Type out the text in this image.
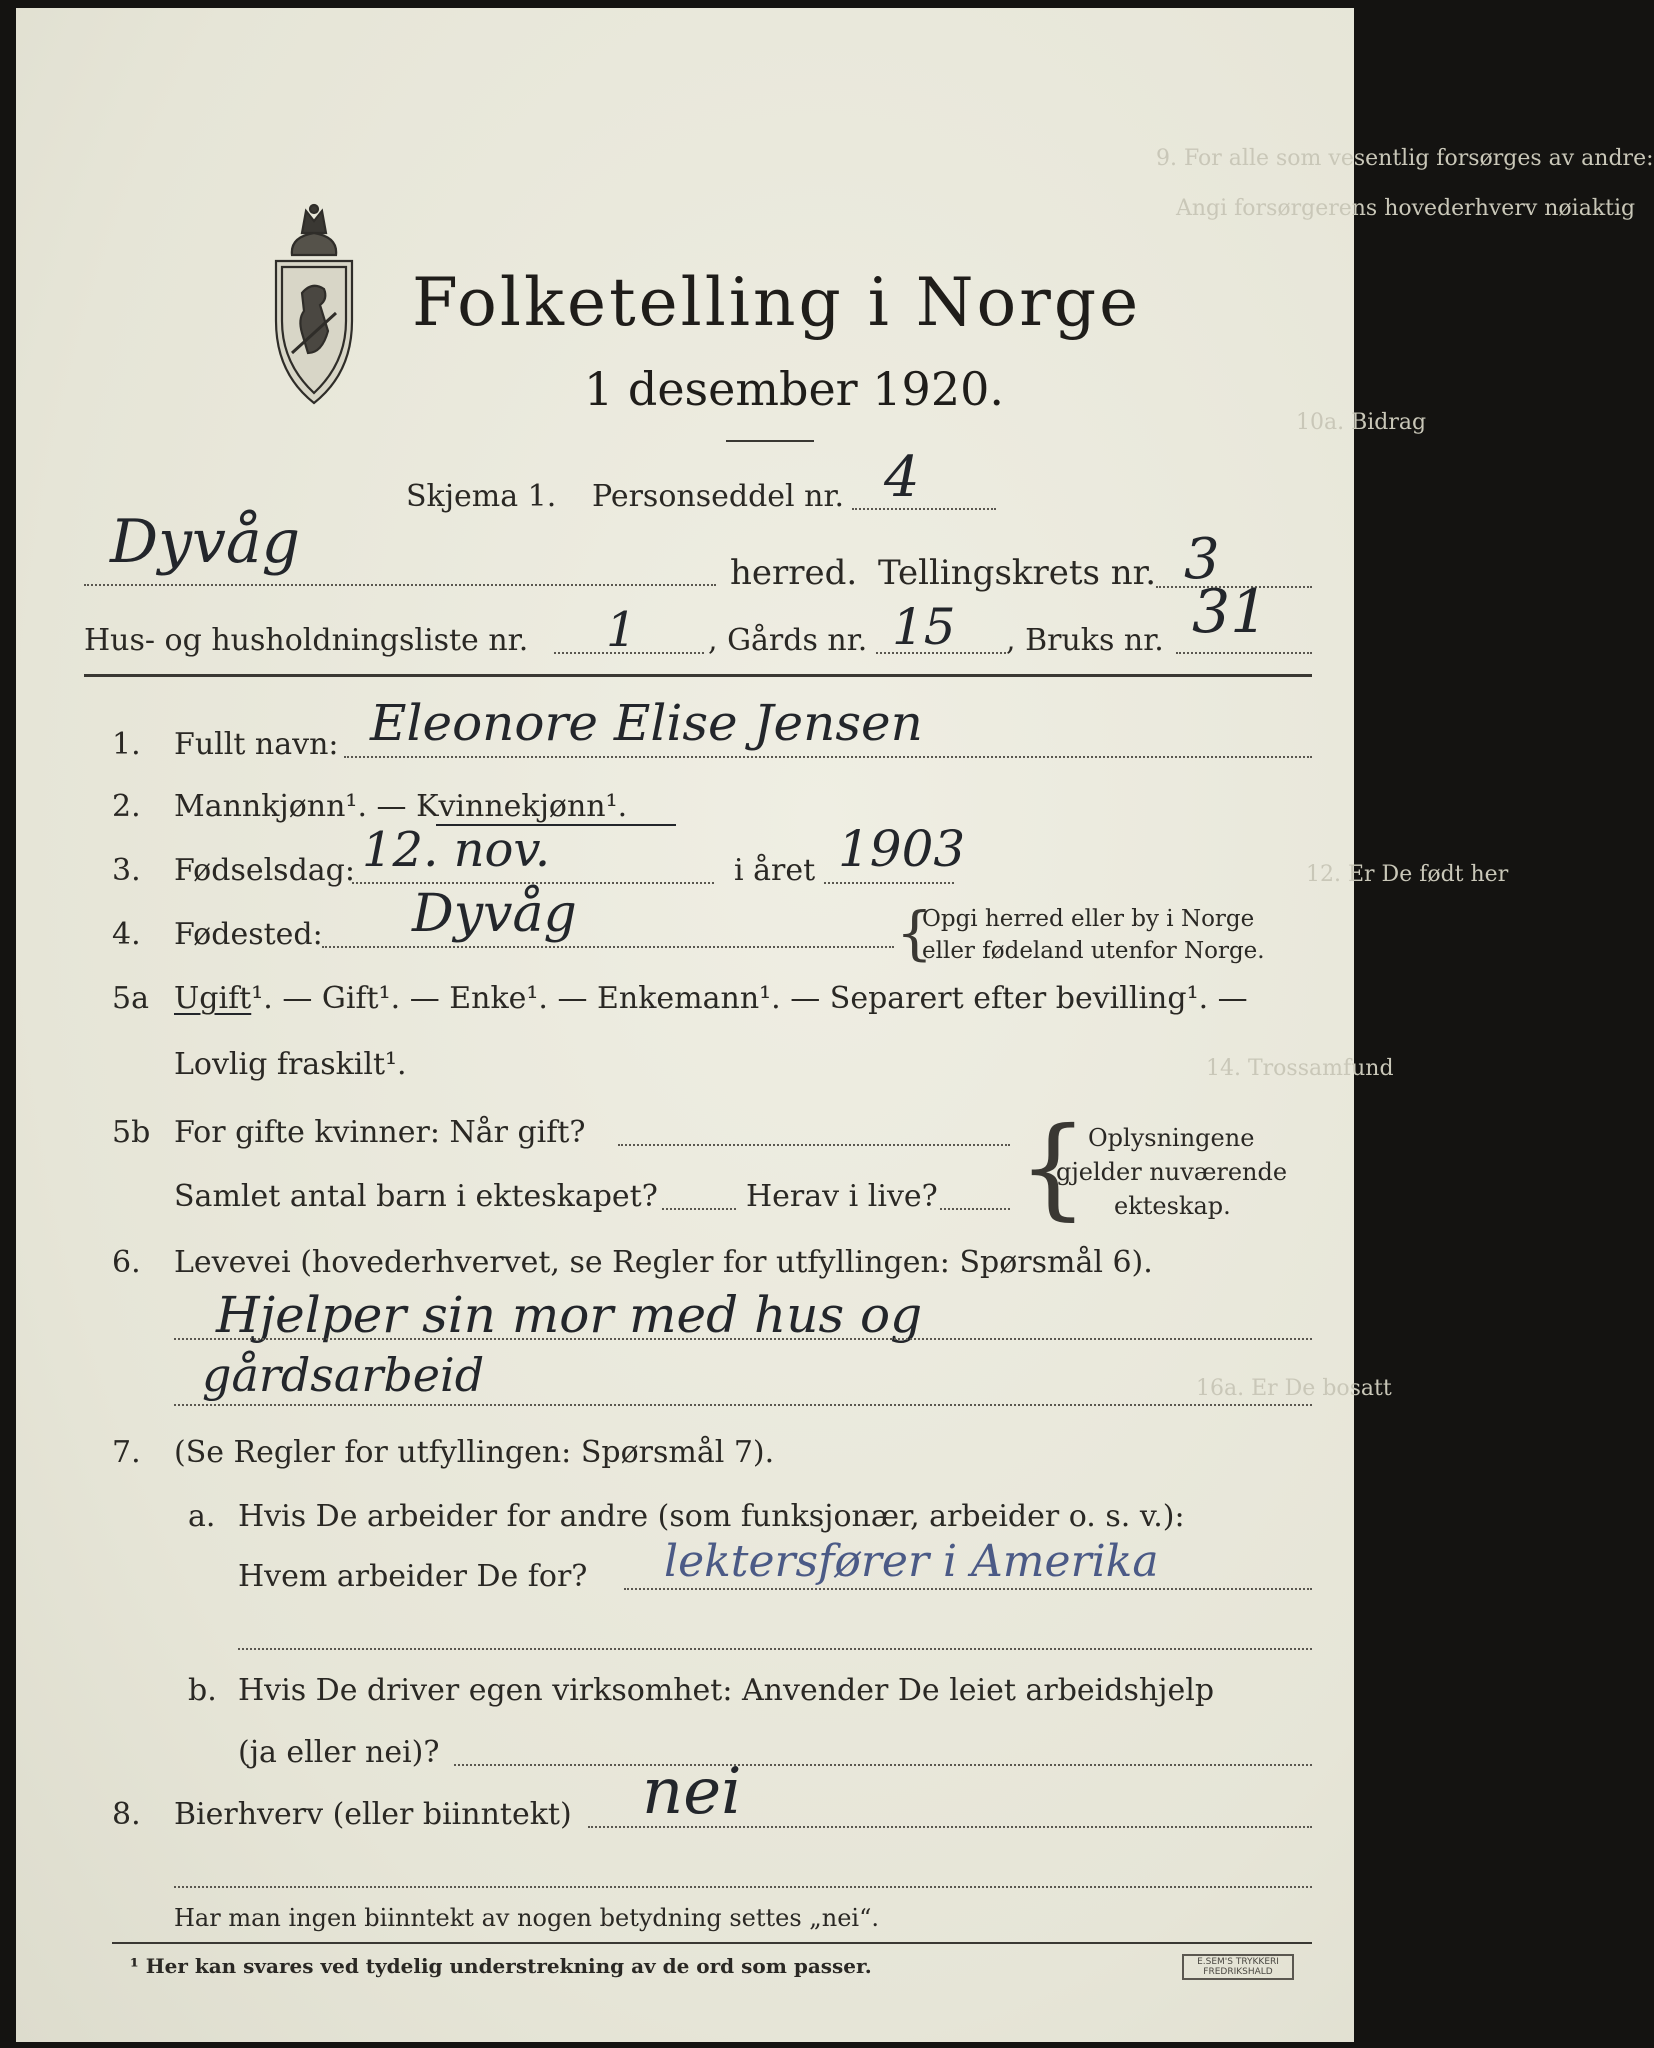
9. For alle som vesentlig forsørges av andre:
Angi forsørgerens hovederhverv nøiaktig
10a. Bidrag
12. Er De født her
14. Trossamfund
16a. Er De bosatt
Folketelling i Norge
1 desember 1920.
Skjema 1. Personseddel nr. 4
Dyvåg	herred. Tellingskrets nr. 3
Hus- og husholdningsliste nr. 1 , Gårds nr. 15 , Bruks nr. 31
1. Fullt navn: Eleonore Elise Jensen
2. Mannkjønn¹. — Kvinnekjønn¹.
3. Fødselsdag: 12. nov.	i året 1903
4. Fødested: Dyvåg	{
Opgi herred eller by i Norge
eller fødeland utenfor Norge.
5a Ugift¹. — Gift¹. — Enke¹. — Enkemann¹. — Separert efter bevilling¹. —
Lovlig fraskilt¹.
5b For gifte kvinner: Når gift?
Samlet antal barn i ekteskapet?	Herav i live? { Oplysningene
gjelder nuværende
ekteskap.
6. Levevei (hovederhvervet, se Regler for utfyllingen: Spørsmål 6).
Hjelper sin mor med hus og
gårdsarbeid
7. (Se Regler for utfyllingen: Spørsmål 7).
a. Hvis De arbeider for andre (som funksjonær, arbeider o. s. v.):
Hvem arbeider De for? lektersfører i Amerika
b. Hvis De driver egen virksomhet: Anvender De leiet arbeidshjelp
(ja eller nei)?
8. Bierhverv (eller biinntekt) nei
Har man ingen biinntekt av nogen betydning settes „nei“.
¹ Her kan svares ved tydelig understrekning av de ord som passer.	E.SEM'S TRYKKERI
FREDRIKSHALD
